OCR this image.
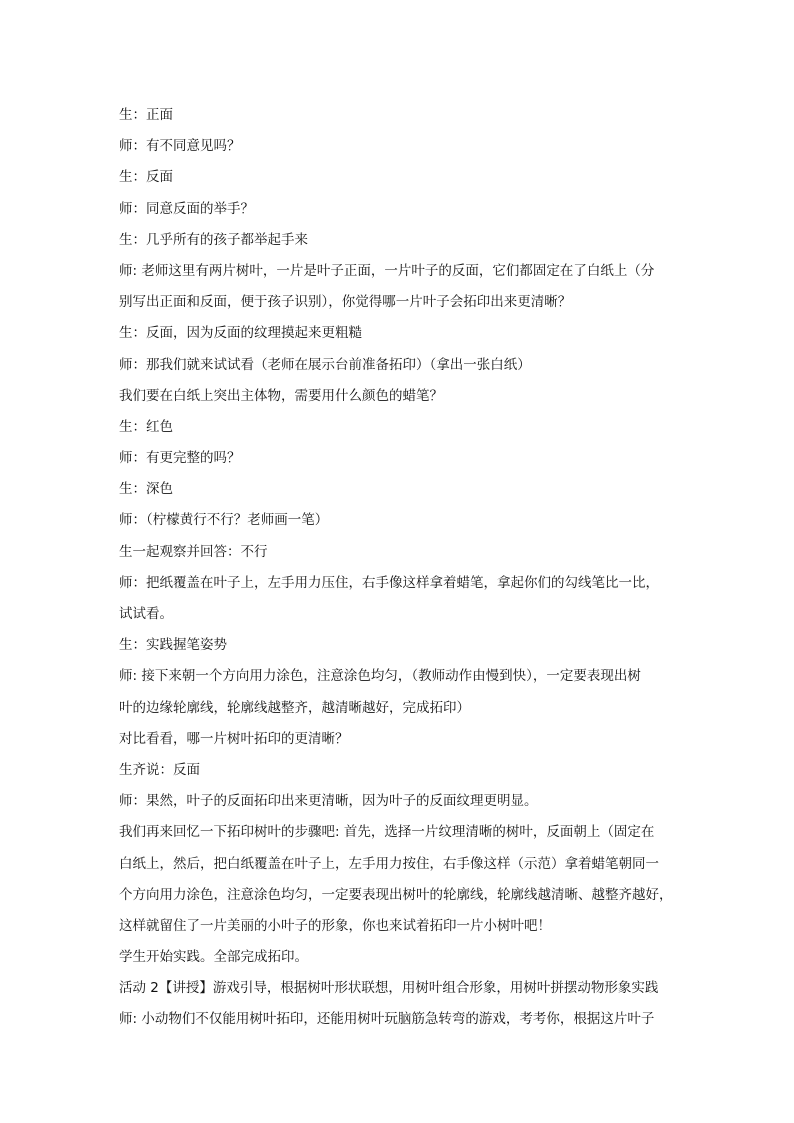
生：正面
师：有不同意见吗？
生：反面
师：同意反面的举手？
生：几乎所有的孩子都举起手来
师: 老师这里有两片树叶，一片是叶子正面，一片叶子的反面，它们都固定在了白纸上（分
别写出正面和反面，便于孩子识别），你觉得哪一片叶子会拓印出来更清晰？
生：反面，因为反面的纹理摸起来更粗糙
师：那我们就来试试看（老师在展示台前准备拓印）（拿出一张白纸）
我们要在白纸上突出主体物，需要用什么颜色的蜡笔？
生：红色
师：有更完整的吗？
生：深色
师：（柠檬黄行不行？老师画一笔）
生一起观察并回答：不行
师：把纸覆盖在叶子上，左手用力压住，右手像这样拿着蜡笔，拿起你们的勾线笔比一比，
试试看。
生：实践握笔姿势
师: 接下来朝一个方向用力涂色，注意涂色均匀，（教师动作由慢到快），一定要表现出树
叶的边缘轮廓线，轮廓线越整齐，越清晰越好，完成拓印）
对比看看，哪一片树叶拓印的更清晰？
生齐说：反面
师：果然，叶子的反面拓印出来更清晰，因为叶子的反面纹理更明显。
我们再来回忆一下拓印树叶的步骤吧: 首先，选择一片纹理清晰的树叶，反面朝上（固定在
白纸上，然后，把白纸覆盖在叶子上，左手用力按住，右手像这样（示范）拿着蜡笔朝同一
个方向用力涂色，注意涂色均匀，一定要表现出树叶的轮廓线，轮廓线越清晰、越整齐越好，
这样就留住了一片美丽的小叶子的形象，你也来试着拓印一片小树叶吧！
学生开始实践。全部完成拓印。
活动 2【讲授】游戏引导，根据树叶形状联想，用树叶组合形象，用树叶拼摆动物形象实践
师: 小动物们不仅能用树叶拓印，还能用树叶玩脑筋急转弯的游戏，考考你，根据这片叶子
